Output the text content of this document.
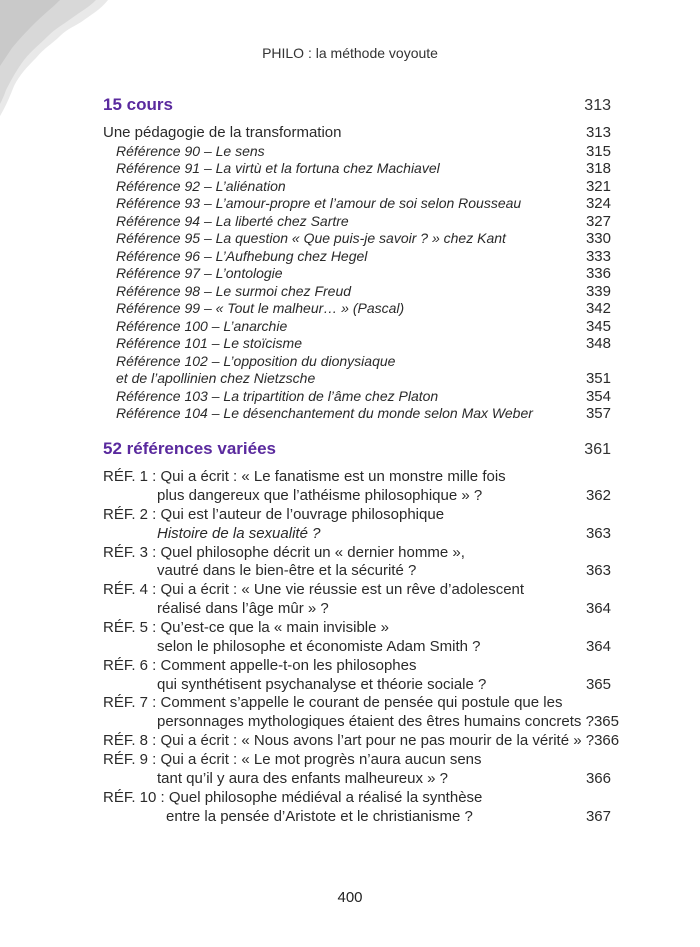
PHILO : la méthode voyoute
15 cours	313
Une pédagogie de la transformation	313
Référence 90 – Le sens	315
Référence 91 – La virtù et la fortuna chez Machiavel	318
Référence 92 – L’aliénation	321
Référence 93 – L’amour-propre et l’amour de soi selon Rousseau	324
Référence 94 – La liberté chez Sartre	327
Référence 95 – La question « Que puis-je savoir ? » chez Kant	330
Référence 96 – L’Aufhebung chez Hegel	333
Référence 97 – L’ontologie	336
Référence 98 – Le surmoi chez Freud	339
Référence 99 – « Tout le malheur… » (Pascal)	342
Référence 100 – L’anarchie	345
Référence 101 – Le stoïcisme	348
Référence 102 – L’opposition du dionysiaque
et de l’apollinien chez Nietzsche	351
Référence 103 – La tripartition de l’âme chez Platon	354
Référence 104 – Le désenchantement du monde selon Max Weber	357
52 références variées	361
RÉF. 1 : Qui a écrit : « Le fanatisme est un monstre mille fois
plus dangereux que l’athéisme philosophique » ?	362
RÉF. 2 : Qui est l’auteur de l’ouvrage philosophique
Histoire de la sexualité ?	363
RÉF. 3 : Quel philosophe décrit un « dernier homme »,
vautré dans le bien-être et la sécurité ?	363
RÉF. 4 : Qui a écrit : « Une vie réussie est un rêve d’adolescent
réalisé dans l’âge mûr » ?	364
RÉF. 5 : Qu’est-ce que la « main invisible »
selon le philosophe et économiste Adam Smith ?	364
RÉF. 6 : Comment appelle-t-on les philosophes
qui synthétisent psychanalyse et théorie sociale ?	365
RÉF. 7 : Comment s’appelle le courant de pensée qui postule que les
personnages mythologiques étaient des êtres humains concrets ? 365
RÉF. 8 : Qui a écrit : « Nous avons l’art pour ne pas mourir de la vérité » ? 366
RÉF. 9 : Qui a écrit : « Le mot progrès n’aura aucun sens
tant qu’il y aura des enfants malheureux » ?	366
RÉF. 10 : Quel philosophe médiéval a réalisé la synthèse
entre la pensée d’Aristote et le christianisme ?	367
400
